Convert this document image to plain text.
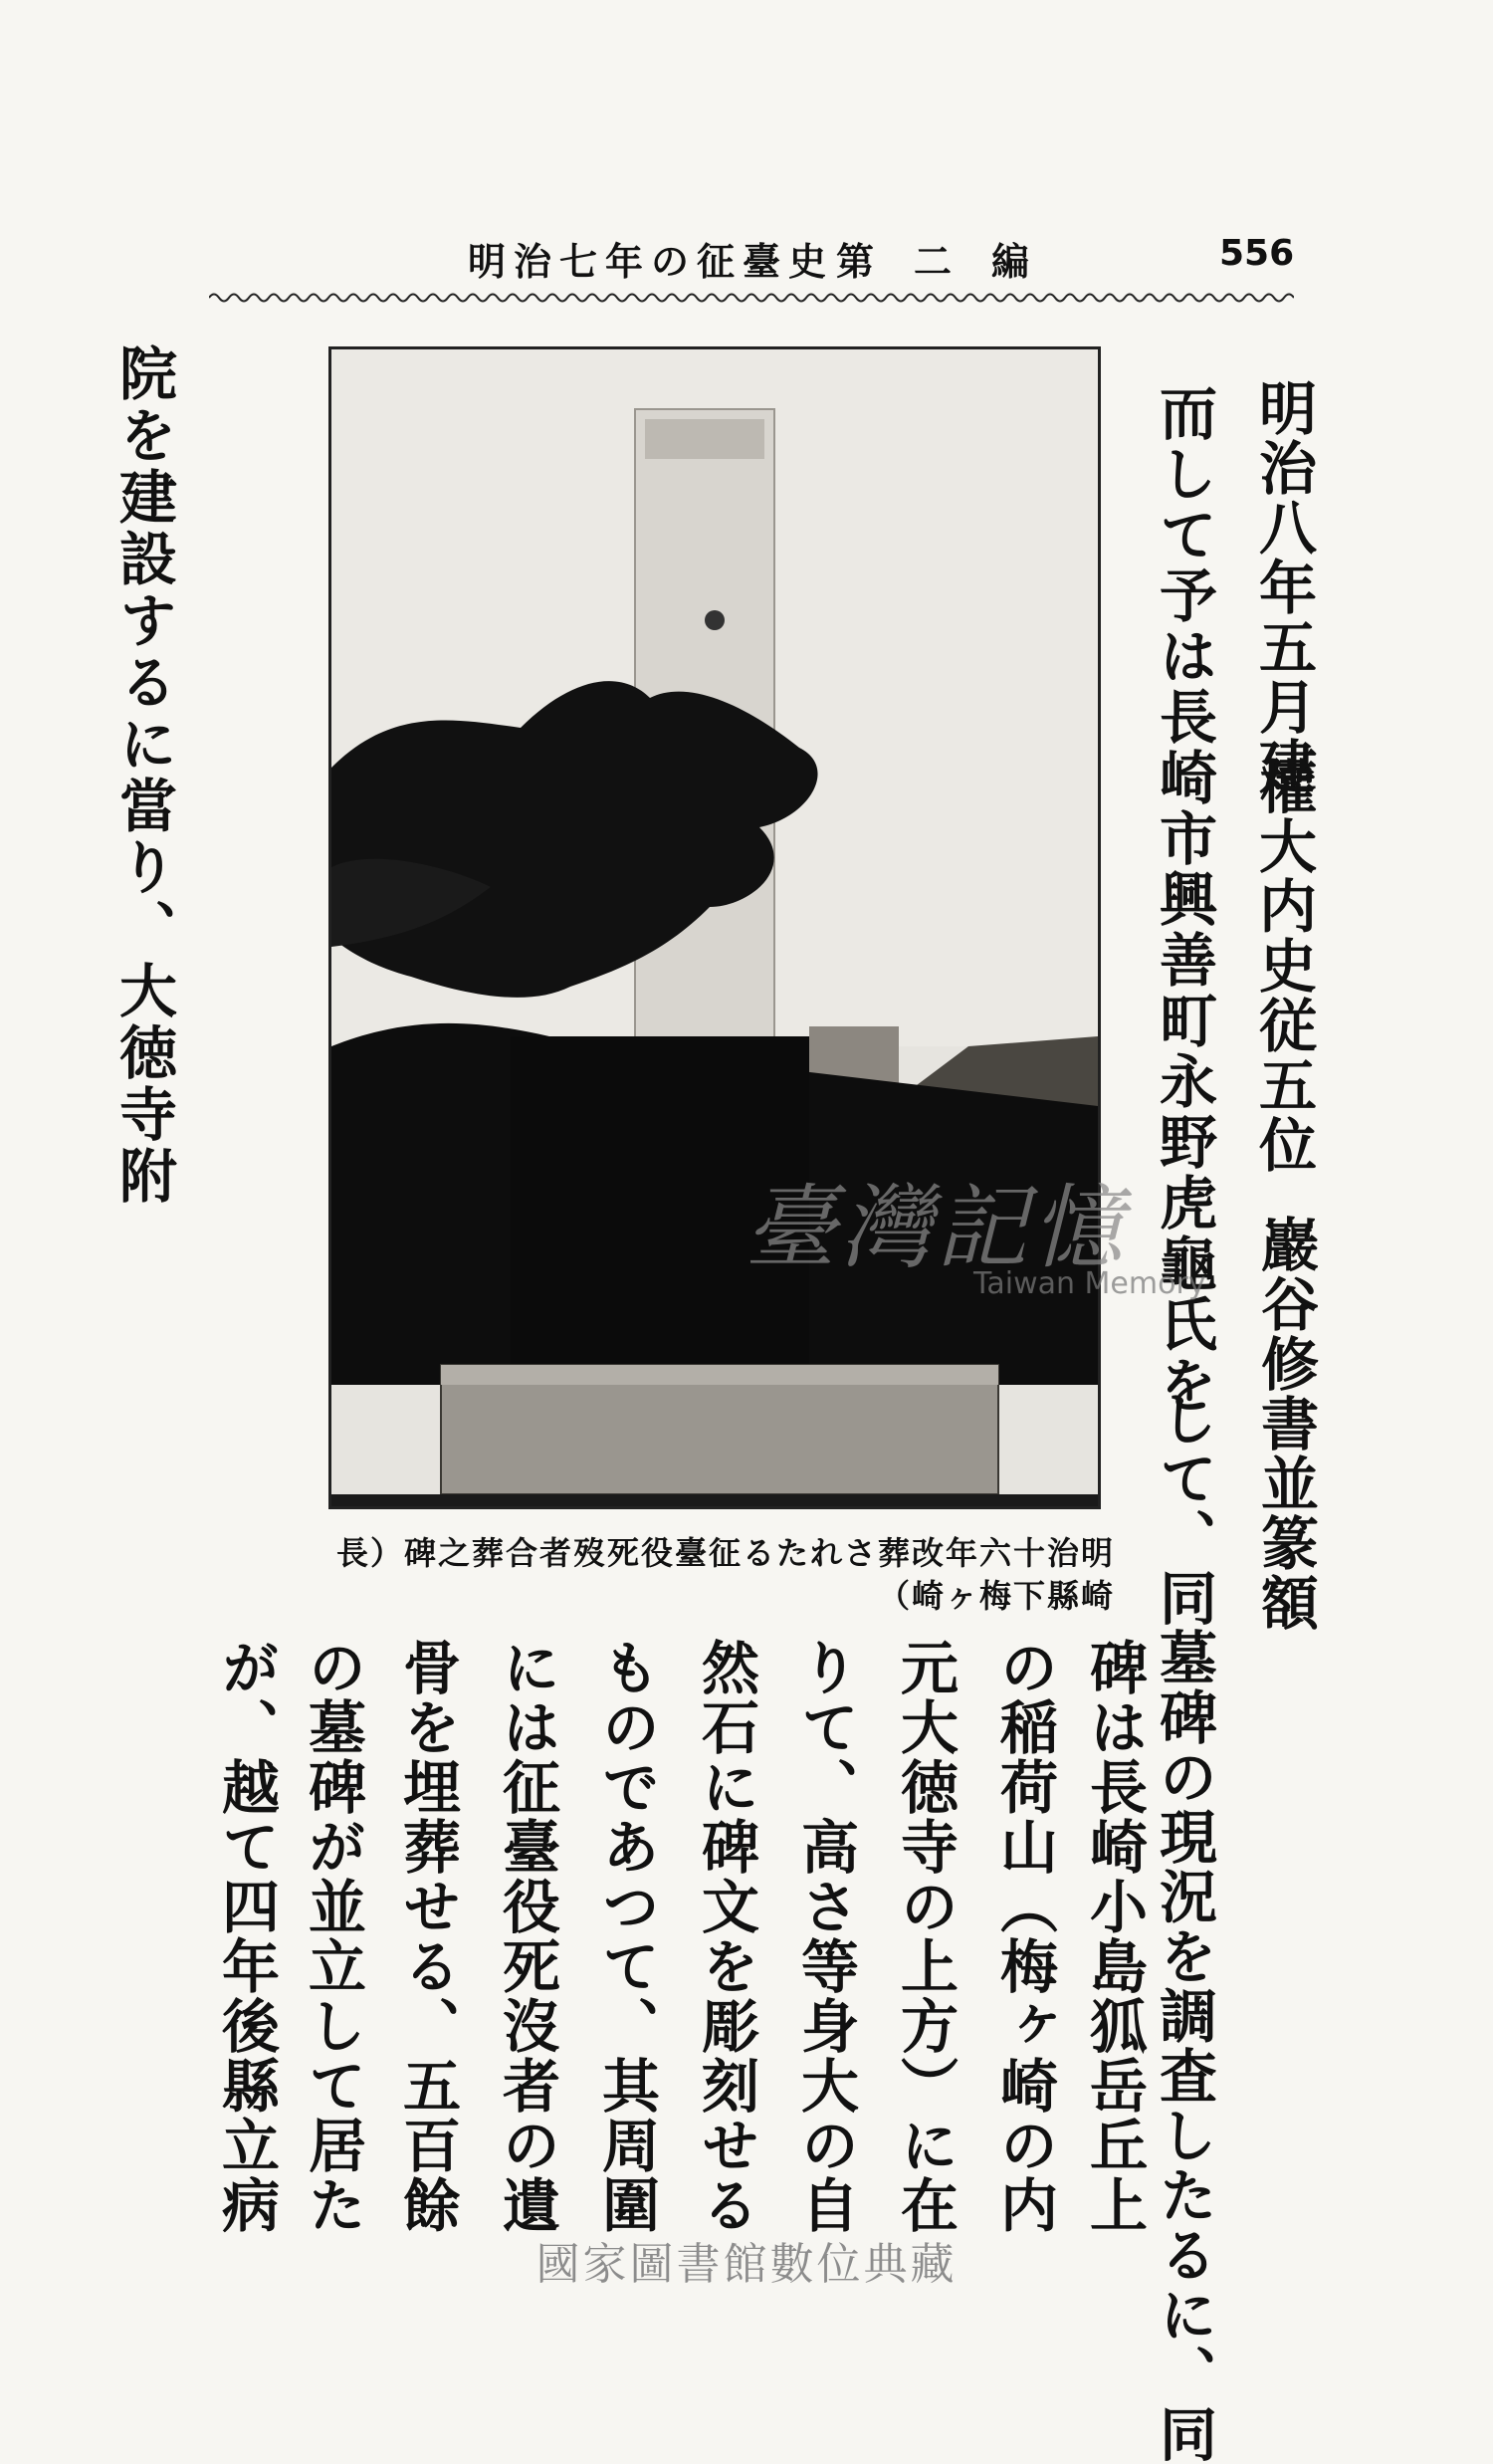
明治七年の征臺史 第二編	556
明治八年五月建
權大内史従五位
巖谷修書並篆額
而して予は長崎市興善町永野虎龜氏を
して、同墓碑の現況を調査したるに、同
碑は長崎小島狐岳丘上
の稲荷山（梅ヶ崎の内
元大徳寺の上方）に在
りて、高さ等身大の自
然石に碑文を彫刻せる
ものであつて、其周圍
には征臺役死沒者の遺
骨を埋葬せる、五百餘
の墓碑が並立して居た
が、越て四年後縣立病
院を建設するに當り、大徳寺附
明治十六年改葬されたる征臺役死歿者合葬之碑（長
崎縣下梅ヶ崎）
臺灣記憶
Taiwan Memory
國家圖書館數位典藏
